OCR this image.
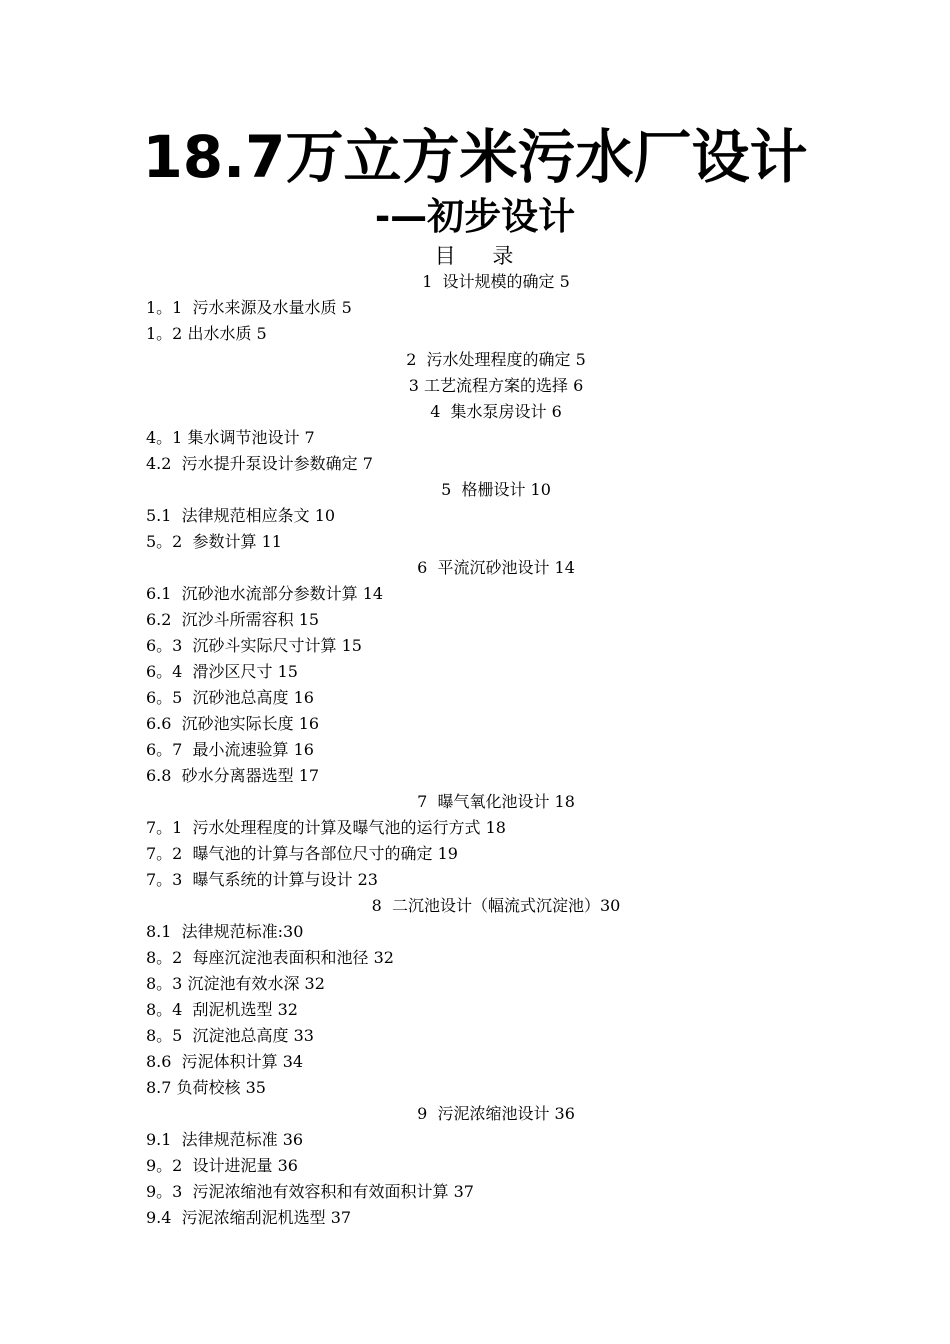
18.7万立方米污水厂设计
-—初步设计
目    录
1  设计规模的确定 5
1。1  污水来源及水量水质 5
1。2 出水水质 5
2  污水处理程度的确定 5
3 工艺流程方案的选择 6
4  集水泵房设计 6
4。1 集水调节池设计 7
4.2  污水提升泵设计参数确定 7
5  格栅设计 10
5.1  法律规范相应条文 10
5。2  参数计算 11
6  平流沉砂池设计 14
6.1  沉砂池水流部分参数计算 14
6.2  沉沙斗所需容积 15
6。3  沉砂斗实际尺寸计算 15
6。4  滑沙区尺寸 15
6。5  沉砂池总高度 16
6.6  沉砂池实际长度 16
6。7  最小流速验算 16
6.8  砂水分离器选型 17
7  曝气氧化池设计 18
7。1  污水处理程度的计算及曝气池的运行方式 18
7。2  曝气池的计算与各部位尺寸的确定 19
7。3  曝气系统的计算与设计 23
8  二沉池设计（幅流式沉淀池）30
8.1  法律规范标准:30
8。2  每座沉淀池表面积和池径 32
8。3 沉淀池有效水深 32
8。4  刮泥机选型 32
8。5  沉淀池总高度 33
8.6  污泥体积计算 34
8.7 负荷校核 35
9  污泥浓缩池设计 36
9.1  法律规范标准 36
9。2  设计进泥量 36
9。3  污泥浓缩池有效容积和有效面积计算 37
9.4  污泥浓缩刮泥机选型 37
